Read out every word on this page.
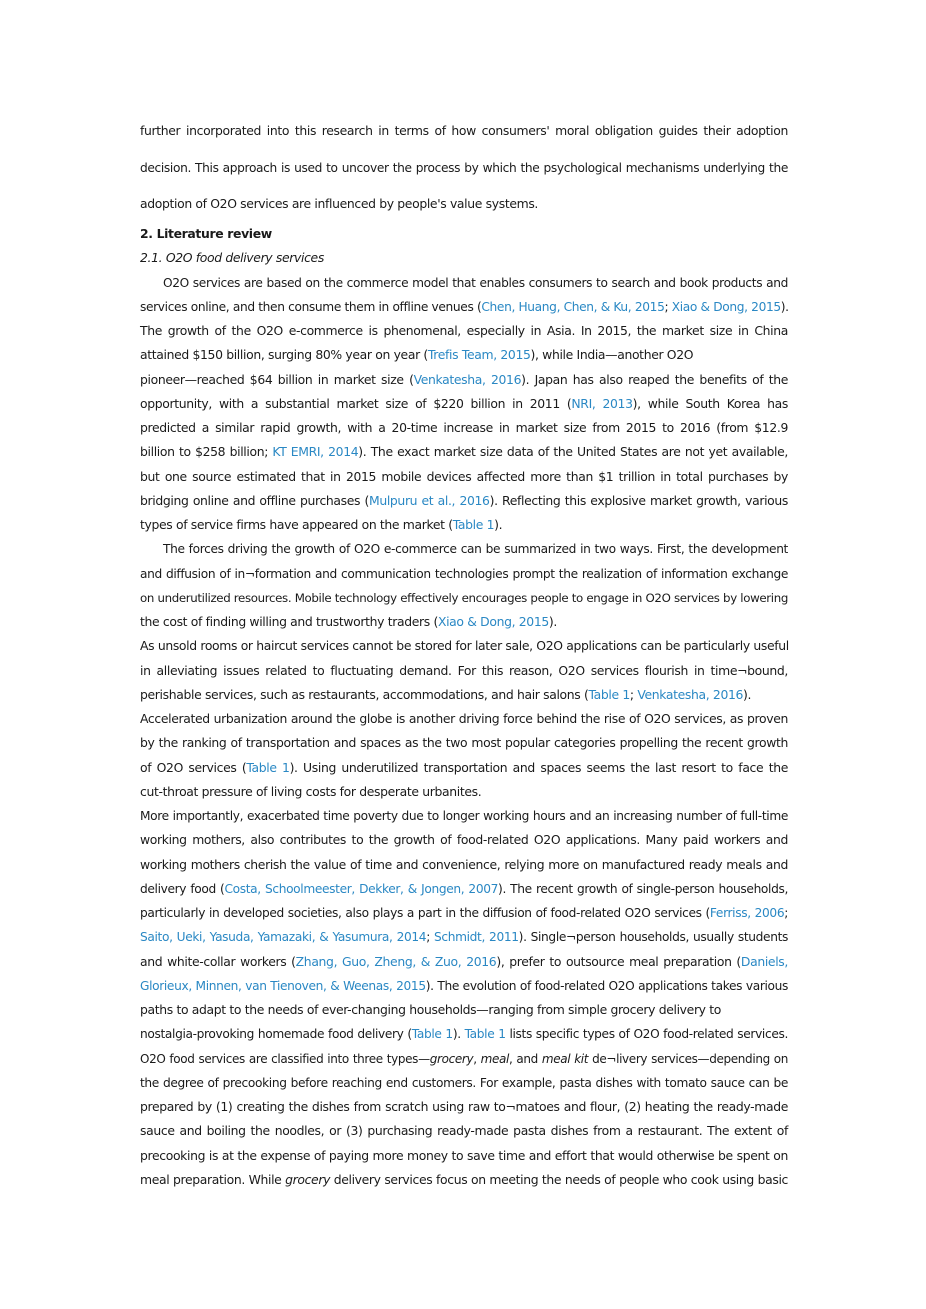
further incorporated into this research in terms of how consumers' moral obligation guides their adoption
decision. This approach is used to uncover the process by which the psychological mechanisms underlying the
adoption of O2O services are influenced by people's value systems.
2. Literature review
2.1. O2O food delivery services
O2O services are based on the commerce model that enables consumers to search and book products and
services online, and then consume them in offline venues (Chen, Huang, Chen, & Ku, 2015; Xiao & Dong, 2015).
The growth of the O2O e-commerce is phenomenal, especially in Asia. In 2015, the market size in China
attained $150 billion, surging 80% year on year (Trefis Team, 2015), while India—another O2O
pioneer—reached $64 billion in market size (Venkatesha, 2016). Japan has also reaped the benefits of the
opportunity, with a substantial market size of $220 billion in 2011 (NRI, 2013), while South Korea has
predicted a similar rapid growth, with a 20-time increase in market size from 2015 to 2016 (from $12.9
billion to $258 billion; KT EMRI, 2014). The exact market size data of the United States are not yet available,
but one source estimated that in 2015 mobile devices affected more than $1 trillion in total purchases by
bridging online and offline purchases (Mulpuru et al., 2016). Reflecting this explosive market growth, various
types of service firms have appeared on the market (Table 1).
The forces driving the growth of O2O e-commerce can be summarized in two ways. First, the development
and diffusion of in¬formation and communication technologies prompt the realization of information exchange
on underutilized resources. Mobile technology effectively encourages people to engage in O2O services by lowering
the cost of finding willing and trustworthy traders (Xiao & Dong, 2015).
As unsold rooms or haircut services cannot be stored for later sale, O2O applications can be particularly useful
in alleviating issues related to fluctuating demand. For this reason, O2O services flourish in time¬bound,
perishable services, such as restaurants, accommodations, and hair salons (Table 1; Venkatesha, 2016).
Accelerated urbanization around the globe is another driving force behind the rise of O2O services, as proven
by the ranking of transportation and spaces as the two most popular categories propelling the recent growth
of O2O services (Table 1). Using underutilized transportation and spaces seems the last resort to face the
cut-throat pressure of living costs for desperate urbanites.
More importantly, exacerbated time poverty due to longer working hours and an increasing number of full-time
working mothers, also contributes to the growth of food-related O2O applications. Many paid workers and
working mothers cherish the value of time and convenience, relying more on manufactured ready meals and
delivery food (Costa, Schoolmeester, Dekker, & Jongen, 2007). The recent growth of single-person households,
particularly in developed societies, also plays a part in the diffusion of food-related O2O services (Ferriss, 2006;
Saito, Ueki, Yasuda, Yamazaki, & Yasumura, 2014; Schmidt, 2011). Single¬person households, usually students
and white-collar workers (Zhang, Guo, Zheng, & Zuo, 2016), prefer to outsource meal preparation (Daniels,
Glorieux, Minnen, van Tienoven, & Weenas, 2015). The evolution of food-related O2O applications takes various
paths to adapt to the needs of ever-changing households—ranging from simple grocery delivery to
nostalgia-provoking homemade food delivery (Table 1). Table 1 lists specific types of O2O food-related services.
O2O food services are classified into three types—grocery, meal, and meal kit de¬livery services—depending on
the degree of precooking before reaching end customers. For example, pasta dishes with tomato sauce can be
prepared by (1) creating the dishes from scratch using raw to¬matoes and flour, (2) heating the ready-made
sauce and boiling the noodles, or (3) purchasing ready-made pasta dishes from a restaurant. The extent of
precooking is at the expense of paying more money to save time and effort that would otherwise be spent on
meal preparation. While grocery delivery services focus on meeting the needs of people who cook using basic
